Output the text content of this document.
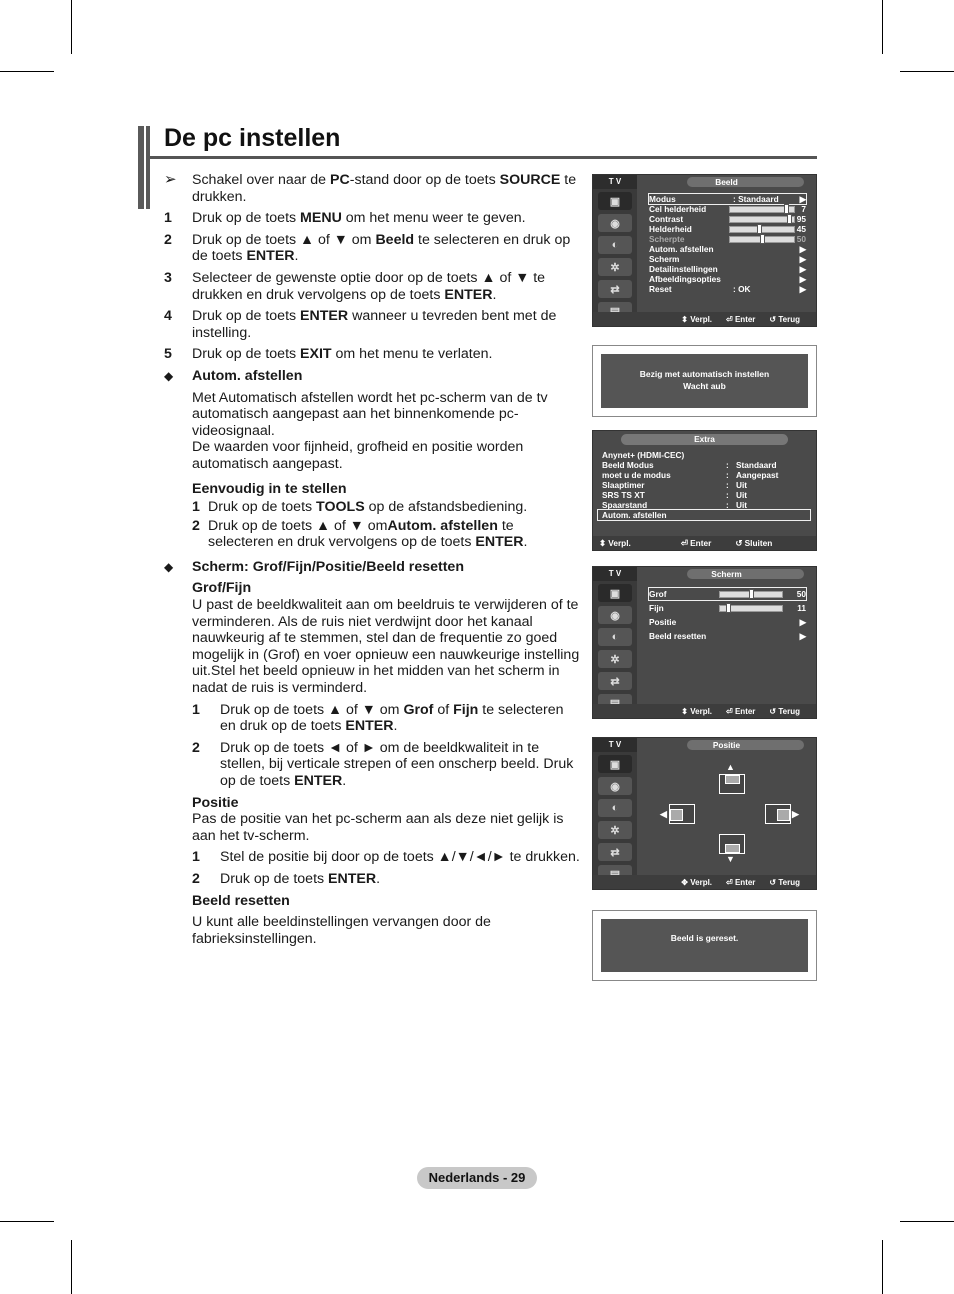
De pc instellen
➢	Schakel over naar de PC-stand door op de toets SOURCE te drukken.
1	Druk op de toets MENU om het menu weer te geven.
2	Druk op de toets ▲ of ▼ om Beeld te selecteren en druk op de toets ENTER.
3	Selecteer de gewenste optie door op de toets ▲ of ▼ te drukken en druk vervolgens op de toets ENTER.
4	Druk op de toets ENTER wanneer u tevreden bent met de instelling.
5	Druk op de toets EXIT om het menu te verlaten.
◆	Autom. afstellen

Met Automatisch afstellen wordt het pc-scherm van de tv automatisch aangepast aan het binnenkomende pc-videosignaal.

De waarden voor fijnheid, grofheid en positie worden automatisch aangepast.

Eenvoudig in te stellen
1 Druk op de toets TOOLS op de afstandsbediening.
2 Druk op de toets ▲ of ▼ omAutom. afstellen te selecteren en druk vervolgens op de toets ENTER.
◆	Scherm: Grof/Fijn/Positie/Beeld resetten
Grof/Fijn

U past de beeldkwaliteit aan om beeldruis te verwijderen of te verminderen. Als de ruis niet verdwijnt door het kanaal nauwkeurig af te stemmen, stel dan de frequentie zo goed mogelijk in (Grof) en voer opnieuw een nauwkeurige instelling uit.Stel het beeld opnieuw in het midden van het scherm in nadat de ruis is verminderd.

1	Druk op de toets ▲ of ▼ om Grof of Fijn te selecteren en druk op de toets ENTER.
2	Druk op de toets ◄ of ► om de beeldkwaliteit in te stellen, bij verticale strepen of een onscherp beeld. Druk op de toets ENTER.
Positie

Pas de positie van het pc-scherm aan als deze niet gelijk is aan het tv-scherm.

1	Stel de positie bij door op de toets ▲/▼/◄/► te drukken.
2	Druk op de toets ENTER.
Beeld resetten

U kunt alle beeldinstellingen vervangen door de fabrieksinstellingen.

T V	Beeld
▣
◉
◐
✲
⇄
Modus	: Standaard	▶
Cel helderheid	7
Contrast	95
Helderheid	45
Scherpte	50
Autom. afstellen	▶
Scherm	▶
Detailinstellingen	▶
Afbeeldingsopties	▶
Reset	: OK	▶
⬍ Verpl. ⏎ Enter ↺ Terug
Bezig met automatisch instellen
Wacht aub
Extra
Anynet+ (HDMI-CEC)
Beeld Modus	: Standaard
moet u de modus	: Aangepast
Slaaptimer	: Uit
SRS TS XT	: Uit
Spaarstand	: Uit
Autom. afstellen
⬍ Verpl.	⏎ Enter	↺ Sluiten
T V	Scherm
▣
◉
◐
✲
⇄
Grof	50
Fijn	11
Positie	▶
Beeld resetten	▶
⬍ Verpl. ⏎ Enter ↺ Terug
T V	Positie
▣
◉
◐
✲
⇄
▲
◀	▶
▼
✥ Verpl. ⏎ Enter ↺ Terug
Beeld is gereset.
Nederlands - 29
